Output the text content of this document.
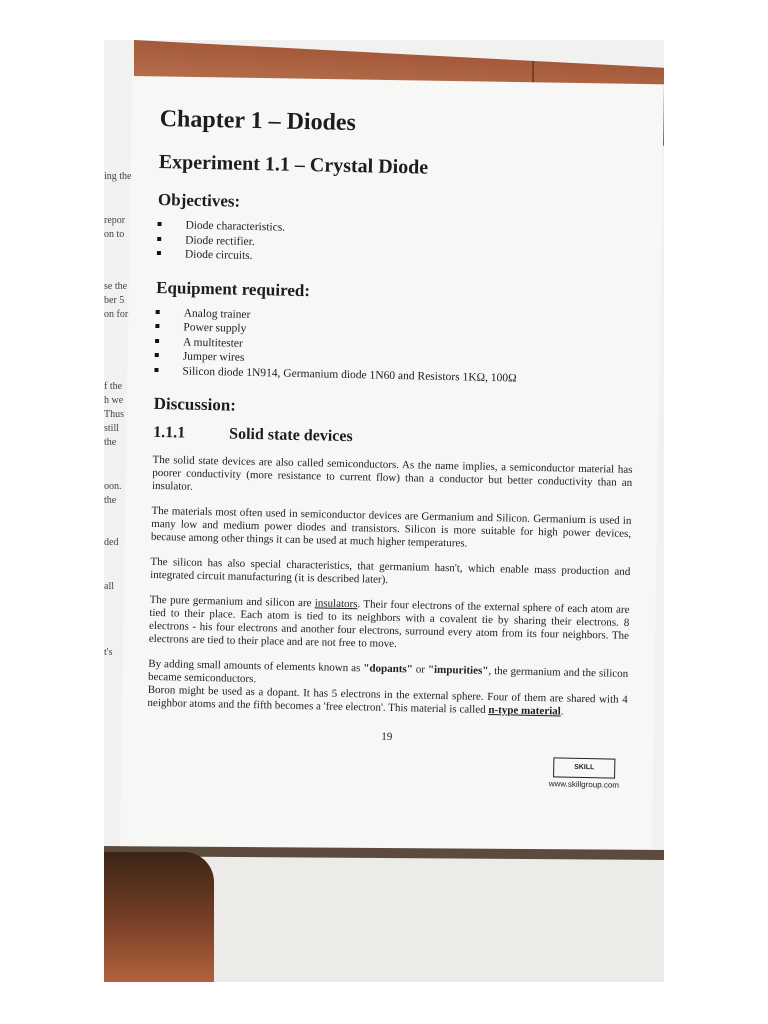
ing the
repor
on to
se the
ber 5
on for
f the
h we
Thus
still
the
oon.
the
ded
all
t's
Chapter 1 – Diodes
Experiment 1.1 – Crystal Diode
Objectives:
Diode characteristics.
Diode rectifier.
Diode circuits.
Equipment required:
Analog trainer
Power supply
A multitester
Jumper wires
Silicon diode 1N914, Germanium diode 1N60 and Resistors 1KΩ, 100Ω
Discussion:
1.1.1	Solid state devices

The solid state devices are also called semiconductors. As the name implies, a semiconductor material has poorer conductivity (more resistance to current flow) than a conductor but better conductivity than an insulator.

The materials most often used in semiconductor devices are Germanium and Silicon. Germanium is used in many low and medium power diodes and transistors. Silicon is more suitable for high power devices, because among other things it can be used at much higher temperatures.

The silicon has also special characteristics, that germanium hasn't, which enable mass production and integrated circuit manufacturing (it is described later).

The pure germanium and silicon are insulators. Their four electrons of the external sphere of each atom are tied to their place. Each atom is tied to its neighbors with a covalent tie by sharing their electrons. 8 electrons - his four electrons and another four electrons, surround every atom from its four neighbors. The electrons are tied to their place and are not free to move.

By adding small amounts of elements known as "dopants" or "impurities", the germanium and the silicon became semiconductors.

Boron might be used as a dopant. It has 5 electrons in the external sphere. Four of them are shared with 4 neighbor atoms and the fifth becomes a 'free electron'. This material is called n-type material.

19
SKILL
www.skillgroup.com
